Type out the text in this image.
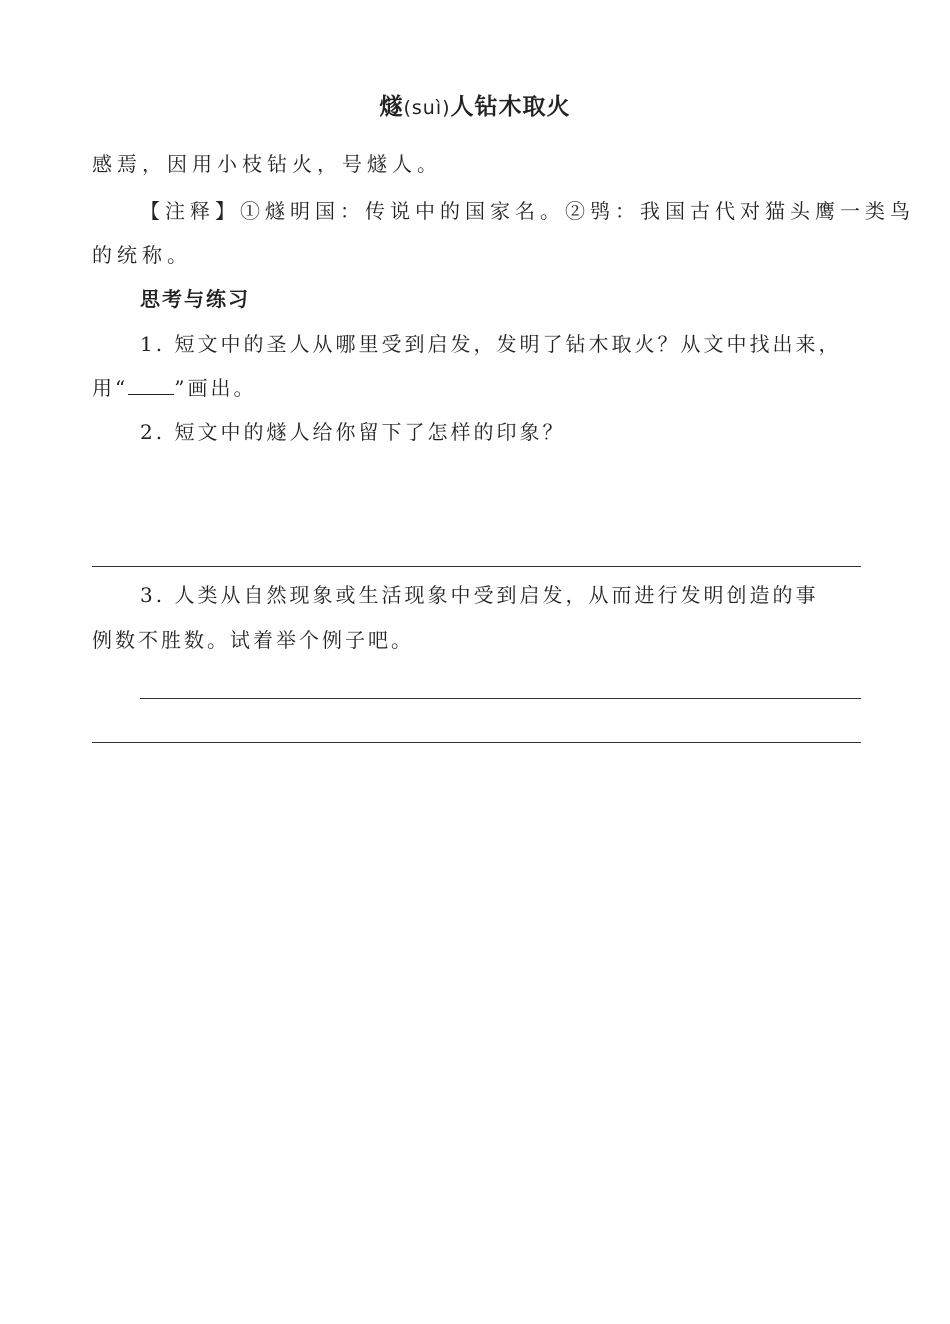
燧(suì)人钻木取火
感焉，因用小枝钻火，号燧人。
【注释】①燧明国：传说中的国家名。②鸮：我国古代对猫头鹰一类鸟
的统称。
思考与练习
1. 短文中的圣人从哪里受到启发，发明了钻木取火？从文中找出来，
用“ ”画出。
2. 短文中的燧人给你留下了怎样的印象？
3. 人类从自然现象或生活现象中受到启发，从而进行发明创造的事
例数不胜数。试着举个例子吧。
